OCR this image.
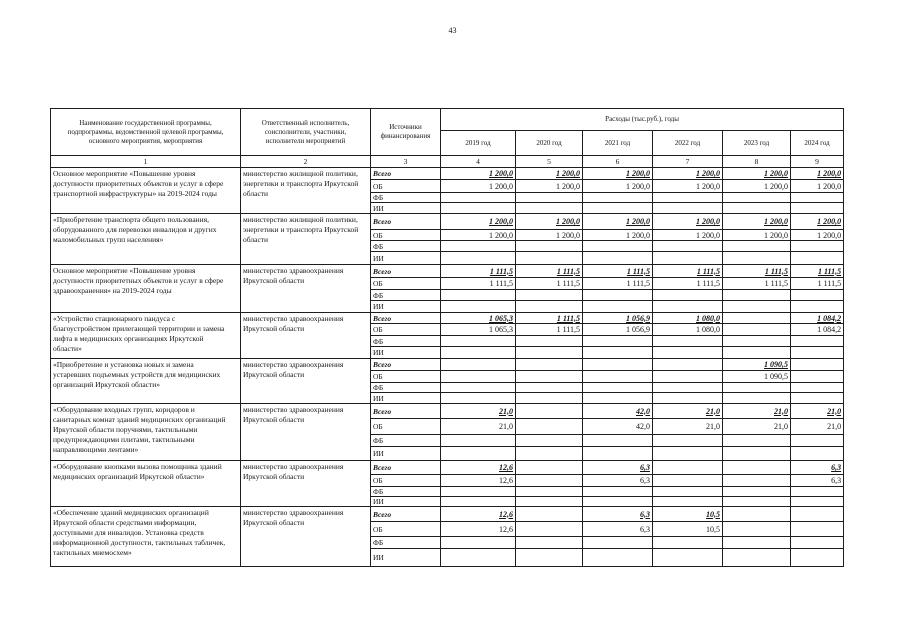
43
Наименование государственной программы,
подпрограммы, ведомственной целевой программы,
основного мероприятия, мероприятия	Ответственный исполнитель,
соисполнители, участники,
исполнители мероприятий	Источники
финансирования	Расходы (тыс.руб.), годы					
			2019 год	2020 год	2021 год	2022 год	2023 год	2024 год
1	2	3	4	5	6	7	8	9
Основное мероприятие «Повышение уровня
доступности приоритетных объектов и услуг в сфере
транспортной инфраструктуры» на 2019-2024 годы	министерство жилищной политики,
энергетики и транспорта Иркутской
области	Всего	1 200,0	1 200,0	1 200,0	1 200,0	1 200,0	1 200,0
		ОБ	1 200,0	1 200,0	1 200,0	1 200,0	1 200,0	1 200,0
		ФБ						
		ИИ						
«Приобретение транспорта общего пользования,
оборудованного для перевозки инвалидов и других
маломобильных групп населения»	министерство жилищной политики,
энергетики и транспорта Иркутской
области	Всего	1 200,0	1 200,0	1 200,0	1 200,0	1 200,0	1 200,0
		ОБ	1 200,0	1 200,0	1 200,0	1 200,0	1 200,0	1 200,0
		ФБ						
		ИИ						
Основное мероприятие «Повышение уровня
доступности приоритетных объектов и услуг в сфере
здравоохранения» на 2019-2024 годы	министерство здравоохранения
Иркутской области	Всего	1 111,5	1 111,5	1 111,5	1 111,5	1 111,5	1 111,5
		ОБ	1 111,5	1 111,5	1 111,5	1 111,5	1 111,5	1 111,5
		ФБ						
		ИИ						
«Устройство стационарного пандуса с
благоустройством прилегающей территории и замена
лифта в медицинских организациях Иркутской
области»	министерство здравоохранения
Иркутской области	Всего	1 065,3	1 111,5	1 056,9	1 080,0		1 084,2
		ОБ	1 065,3	1 111,5	1 056,9	1 080,0		1 084,2
		ФБ						
		ИИ						
«Приобретение и установка новых и замена
устаревших подъемных устройств для медицинских
организаций Иркутской области»	министерство здравоохранения
Иркутской области	Всего					1 090,5	
		ОБ					1 090,5	
		ФБ						
		ИИ						
«Оборудование входных групп, коридоров и
санитарных комнат зданий медицинских организаций
Иркутской области поручнями, тактильными
предупреждающими плитами, тактильными
направляющими лентами»	министерство здравоохранения
Иркутской области	Всего	21,0		42,0	21,0	21,0	21,0
		ОБ	21,0		42,0	21,0	21,0	21,0
		ФБ						
		ИИ						
«Оборудование кнопками вызова помощника зданий
медицинских организаций Иркутской области»	министерство здравоохранения
Иркутской области	Всего	12,6		6,3			6,3
		ОБ	12,6		6,3			6,3
		ФБ						
		ИИ						
«Обеспечение зданий медицинских организаций
Иркутской области средствами информации,
доступными для инвалидов. Установка средств
информационной доступности, тактильных табличек,
тактильных мнемосхем»	министерство здравоохранения
Иркутской области	Всего	12,6		6,3	10,5		
		ОБ	12,6		6,3	10,5		
		ФБ						
		ИИ						
